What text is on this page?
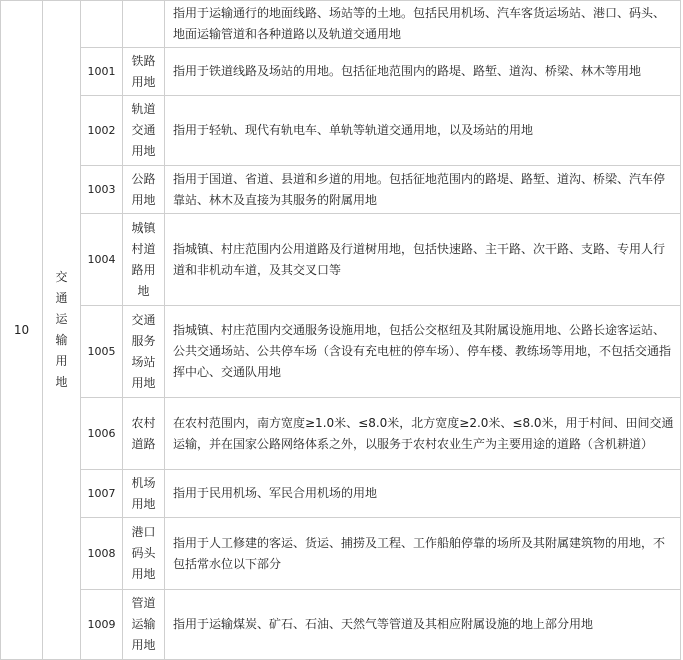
10	交通运输用地			指用于运输通行的地面线路、场站等的土地。包括民用机场、汽车客货运场站、港口、码头、地面运输管道和各种道路以及轨道交通用地
		1001	铁路用地	指用于铁道线路及场站的用地。包括征地范围内的路堤、路堑、道沟、桥梁、林木等用地
		1002	轨道交通用地	指用于轻轨、现代有轨电车、单轨等轨道交通用地，以及场站的用地
		1003	公路用地	指用于国道、省道、县道和乡道的用地。包括征地范围内的路堤、路堑、道沟、桥梁、汽车停靠站、林木及直接为其服务的附属用地
		1004	城镇村道路用地	指城镇、村庄范围内公用道路及行道树用地，包括快速路、主干路、次干路、支路、专用人行道和非机动车道，及其交叉口等
		1005	交通服务场站用地	指城镇、村庄范围内交通服务设施用地，包括公交枢纽及其附属设施用地、公路长途客运站、公共交通场站、公共停车场（含设有充电桩的停车场）、停车楼、教练场等用地，不包括交通指挥中心、交通队用地
		1006	农村道路	在农村范围内，南方宽度≥1.0米、≤8.0米，北方宽度≥2.0米、≤8.0米，用于村间、田间交通运输，并在国家公路网络体系之外，以服务于农村农业生产为主要用途的道路（含机耕道）
		1007	机场用地	指用于民用机场、军民合用机场的用地
		1008	港口码头用地	指用于人工修建的客运、货运、捕捞及工程、工作船舶停靠的场所及其附属建筑物的用地，不包括常水位以下部分
		1009	管道运输用地	指用于运输煤炭、矿石、石油、天然气等管道及其相应附属设施的地上部分用地
